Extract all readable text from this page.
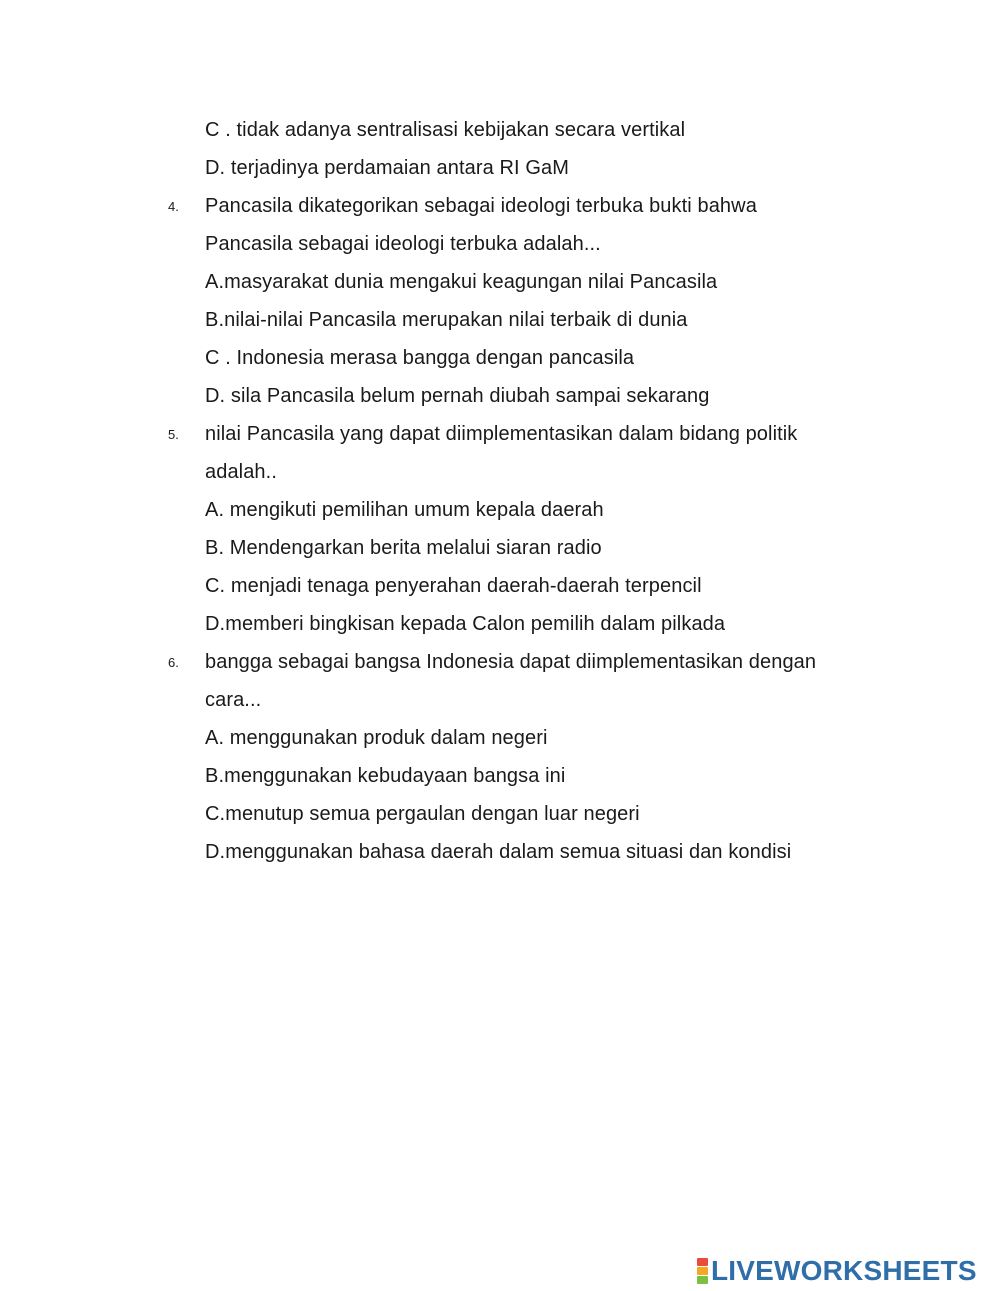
C . tidak adanya sentralisasi kebijakan secara vertikal
D. terjadinya perdamaian antara RI GaM
4. Pancasila dikategorikan sebagai ideologi terbuka bukti bahwa
Pancasila sebagai ideologi terbuka adalah...
A.masyarakat dunia mengakui keagungan nilai Pancasila
B.nilai-nilai Pancasila merupakan nilai terbaik di dunia
C . Indonesia merasa bangga dengan pancasila
D. sila Pancasila belum pernah diubah sampai sekarang
5. nilai Pancasila yang dapat diimplementasikan dalam bidang politik
adalah..
A. mengikuti pemilihan umum kepala daerah
B. Mendengarkan berita melalui siaran radio
C. menjadi tenaga penyerahan daerah-daerah terpencil
D.memberi bingkisan kepada Calon pemilih dalam pilkada
6. bangga sebagai bangsa Indonesia dapat diimplementasikan dengan
cara...
A. menggunakan produk dalam negeri
B.menggunakan kebudayaan bangsa ini
C.menutup semua pergaulan dengan luar negeri
D.menggunakan bahasa daerah dalam semua situasi dan kondisi
LIVEWORKSHEETS
